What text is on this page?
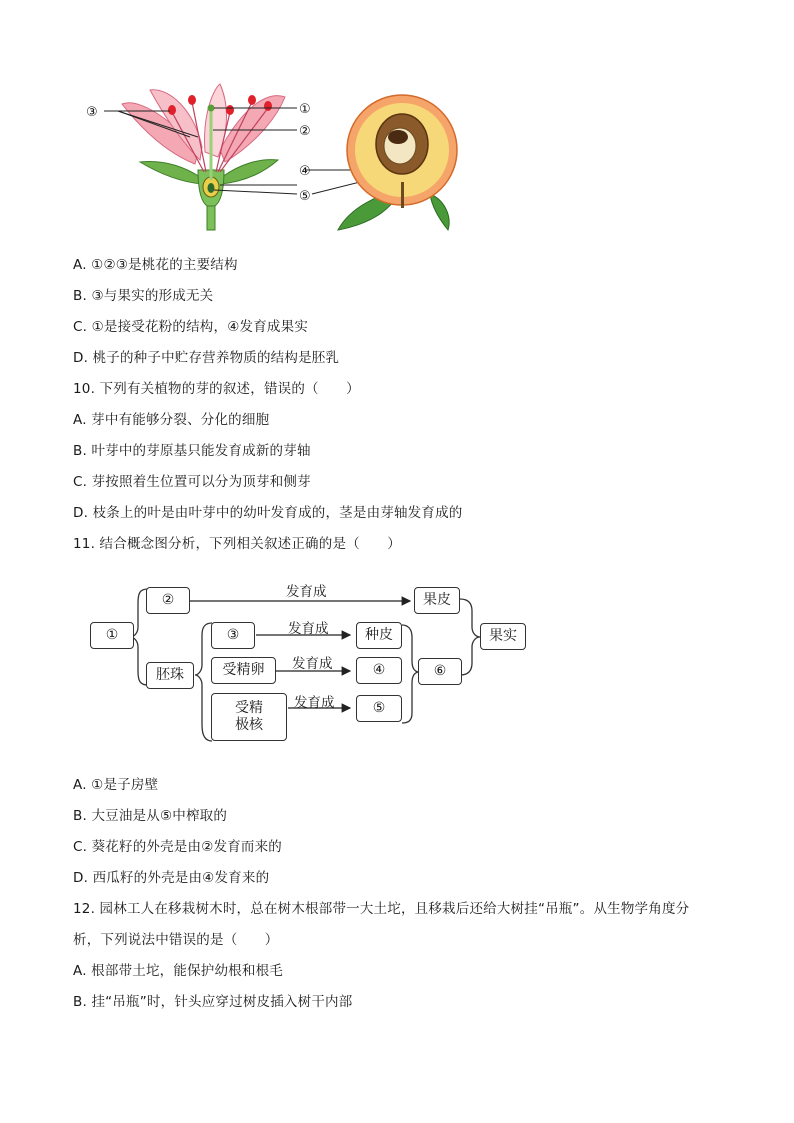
③	①
②
④
⑤
A. ①②③是桃花的主要结构
B. ③与果实的形成无关
C. ①是接受花粉的结构，④发育成果实
D. 桃子的种子中贮存营养物质的结构是胚乳
10. 下列有关植物的芽的叙述，错误的（　　）
A. 芽中有能够分裂、分化的细胞
B. 叶芽中的芽原基只能发育成新的芽轴
C. 芽按照着生位置可以分为顶芽和侧芽
D. 枝条上的叶是由叶芽中的幼叶发育成的，茎是由芽轴发育成的
11. 结合概念图分析，下列相关叙述正确的是（　　）
①
②
胚珠
③
受精卵
受精
极核
发育成
发育成
发育成
发育成
果皮
种皮
④
⑤
⑥
果实
A. ①是子房壁
B. 大豆油是从⑤中榨取的
C. 葵花籽的外壳是由②发育而来的
D. 西瓜籽的外壳是由④发育来的
12. 园林工人在移栽树木时，总在树木根部带一大土坨，且移栽后还给大树挂“吊瓶”。从生物学角度分
析，下列说法中错误的是（　　）
A. 根部带土坨，能保护幼根和根毛
B. 挂“吊瓶”时，针头应穿过树皮插入树干内部
